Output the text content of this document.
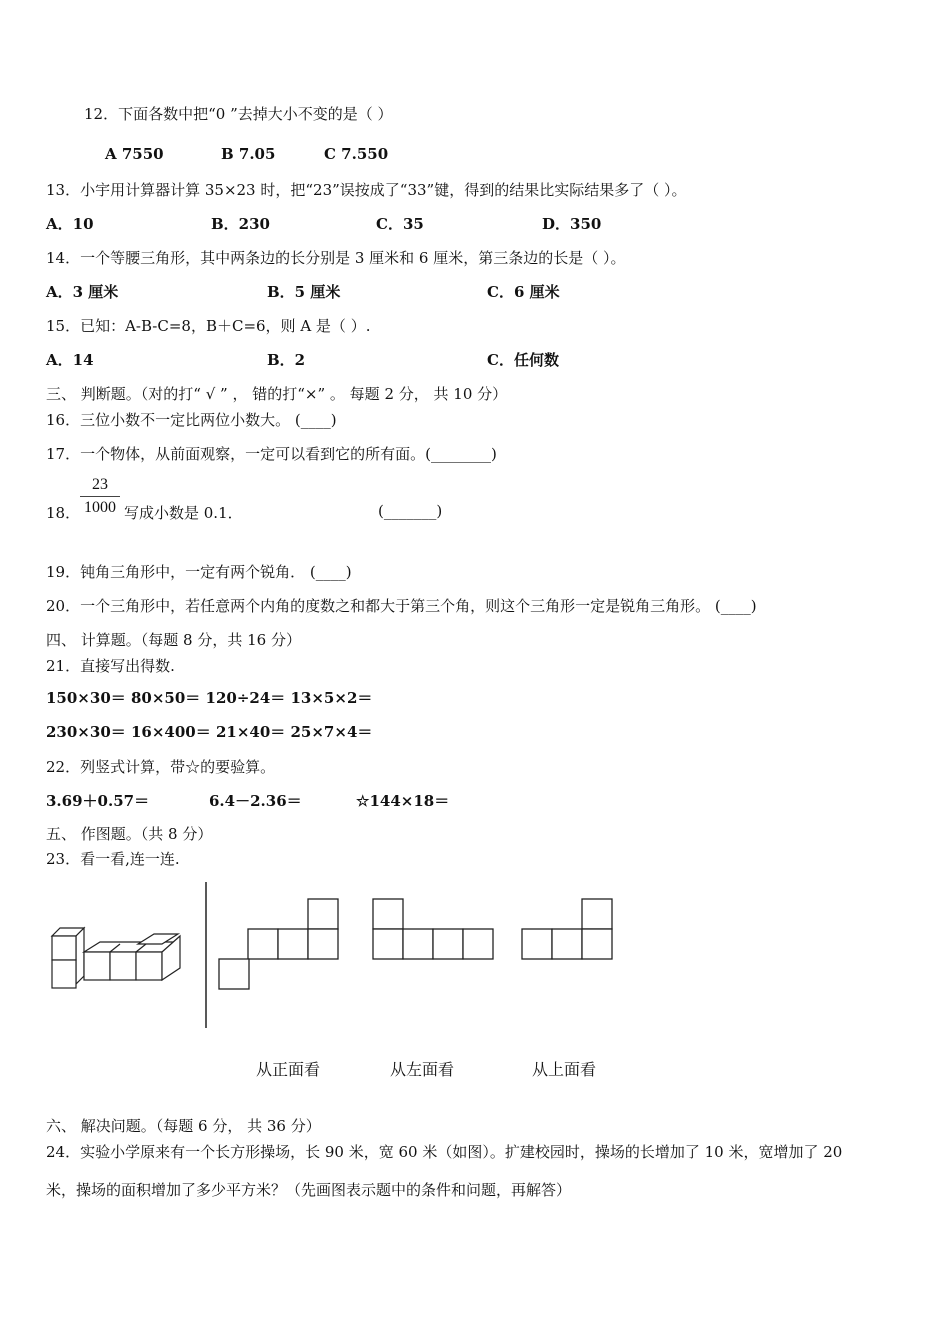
12．下面各数中把“0 ”去掉大小不变的是（ ）
A 7550	B 7.05	C 7.550
13．小宇用计算器计算 35×23 时，把“23”误按成了“33”键，得到的结果比实际结果多了（ ）。
A．10	B．230	C．35	D．350
14．一个等腰三角形，其中两条边的长分别是 3 厘米和 6 厘米，第三条边的长是（ ）。
A．3 厘米	B．5 厘米	C．6 厘米
15．已知：A-B-C=8，B＋C=6，则 A 是（ ）.
A．14	B．2	C．任何数
三、 判断题。（对的打“ √ ” ， 错的打“×” 。 每题 2 分， 共 10 分）
16．三位小数不一定比两位小数大。 (____)
17．一个物体，从前面观察，一定可以看到它的所有面。(________)
18． $\frac{23}{1000}$ 写成小数是 0.1．	(_______)
19．钝角三角形中，一定有两个锐角． (____)
20．一个三角形中，若任意两个内角的度数之和都大于第三个角，则这个三角形一定是锐角三角形。 (____)
四、 计算题。（每题 8 分，共 16 分）
21．直接写出得数.
150×30＝ 80×50＝ 120÷24＝ 13×5×2＝
230×30＝ 16×400＝ 21×40＝ 25×7×4＝
22．列竖式计算，带☆的要验算。
3.69＋0.57＝	6.4－2.36＝	☆144×18＝
五、 作图题。（共 8 分）
23．看一看,连一连.
从正面看	从左面看	从上面看
六、 解决问题。（每题 6 分， 共 36 分）
24．实验小学原来有一个长方形操场，长 90 米，宽 60 米（如图）。扩建校园时，操场的长增加了 10 米，宽增加了 20
米，操场的面积增加了多少平方米？（先画图表示题中的条件和问题，再解答）
